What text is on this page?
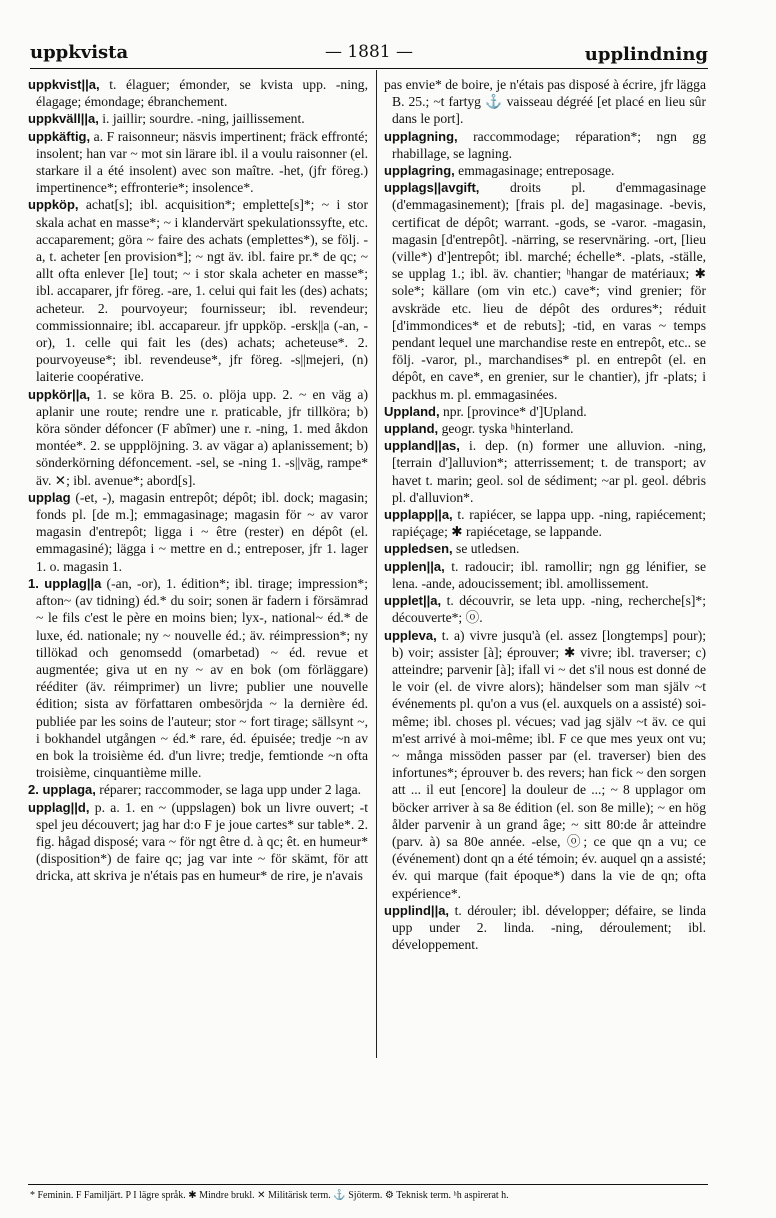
uppkvista	— 1881 —	upplindning
uppkvist||a, t. élaguer; émonder, se kvista upp. -ning, élagage; émondage; ébranchement.
uppkväll||a, i. jaillir; sourdre. -ning, jaillissement.
uppkäftig, a. F raisonneur; näsvis impertinent; fräck effronté; insolent; han var ~ mot sin lärare ibl. il a voulu raisonner (el. starkare il a été insolent) avec son maître. -het, (jfr föreg.) impertinence*; effronterie*; insolence*.
uppköp, achat[s]; ibl. acquisition*; emplette[s]*; ~ i stor skala achat en masse*; ~ i klandervärt spekulationssyfte, etc. accaparement; göra ~ faire des achats (emplettes*), se följ. -a, t. acheter [en provision*]; ~ ngt äv. ibl. faire pr.* de qc; ~ allt ofta enlever [le] tout; ~ i stor skala acheter en masse*; ibl. accaparer, jfr föreg. -are, 1. celui qui fait les (des) achats; acheteur. 2. pourvoyeur; fournisseur; ibl. revendeur; commissionnaire; ibl. accapareur. jfr uppköp. -ersk||a (-an, -or), 1. celle qui fait les (des) achats; acheteuse*. 2. pourvoyeuse*; ibl. revendeuse*, jfr föreg. -s||mejeri, (n) laiterie coopérative.
uppkör||a, 1. se köra B. 25. o. plöja upp. 2. ~ en väg a) aplanir une route; rendre une r. praticable, jfr tillköra; b) köra sönder défoncer (F abîmer) une r. -ning, 1. med åkdon montée*. 2. se uppplöjning. 3. av vägar a) aplanissement; b) sönderkörning défoncement. -sel, se -ning 1. -s||väg, rampe* äv. ✕; ibl. avenue*; abord[s].
upplag (-et, -), magasin entrepôt; dépôt; ibl. dock; magasin; fonds pl. [de m.]; emmagasinage; magasin för ~ av varor magasin d'entrepôt; ligga i ~ être (rester) en dépôt (el. emmagasiné); lägga i ~ mettre en d.; entreposer, jfr 1. lager 1. o. magasin 1.
1. upplag||a (-an, -or), 1. édition*; ibl. tirage; impression*; afton~ (av tidning) éd.* du soir; sonen är fadern i försämrad ~ le fils c'est le père en moins bien; lyx-, national~ éd.* de luxe, éd. nationale; ny ~ nouvelle éd.; äv. réimpression*; ny tillökad och genomsedd (omarbetad) ~ éd. revue et augmentée; giva ut en ny ~ av en bok (om förläggare) rééditer (äv. réimprimer) un livre; publier une nouvelle édition; sista av författaren ombesörjda ~ la dernière éd. publiée par les soins de l'auteur; stor ~ fort tirage; sällsynt ~, i bokhandel utgången ~ éd.* rare, éd. épuisée; tredje ~n av en bok la troisième éd. d'un livre; tredje, femtionde ~n ofta troisième, cinquantième mille.
2. upplaga, réparer; raccommoder, se laga upp under 2 laga.
upplag||d, p. a. 1. en ~ (uppslagen) bok un livre ouvert; -t spel jeu découvert; jag har d:o F je joue cartes* sur table*. 2. fig. hågad disposé; vara ~ för ngt être d. à qc; êt. en humeur* (disposition*) de faire qc; jag var inte ~ för skämt, för att dricka, att skriva je n'étais pas en humeur* de rire, je n'avais
pas envie* de boire, je n'étais pas disposé à écrire, jfr lägga B. 25.; ~t fartyg ⚓ vaisseau dégréé [et placé en lieu sûr dans le port].
upplagning, raccommodage; réparation*; ngn gg rhabillage, se lagning.
upplagring, emmagasinage; entreposage.
upplags||avgift, droits pl. d'emmagasinage (d'emmagasinement); [frais pl. de] magasinage. -bevis, certificat de dépôt; warrant. -gods, se -varor. -magasin, magasin [d'entrepôt]. -närring, se reservnäring. -ort, [lieu (ville*) d']entrepôt; ibl. marché; échelle*. -plats, -ställe, se upplag 1.; ibl. äv. chantier; ʰhangar de matériaux; ✱ sole*; källare (om vin etc.) cave*; vind grenier; för avskräde etc. lieu de dépôt des ordures*; réduit [d'immondices* et de rebuts]; -tid, en varas ~ temps pendant lequel une marchandise reste en entrepôt, etc.. se följ. -varor, pl., marchandises* pl. en entrepôt (el. en dépôt, en cave*, en grenier, sur le chantier), jfr -plats; i packhus m. pl. emmagasinées.
Uppland, npr. [province* d']Upland.
uppland, geogr. tyska ʰhinterland.
uppland||as, i. dep. (n) former une alluvion. -ning, [terrain d']alluvion*; atterrissement; t. de transport; av havet t. marin; geol. sol de sédiment; ~ar pl. geol. débris pl. d'alluvion*.
upplapp||a, t. rapiécer, se lappa upp. -ning, rapiécement; rapiéçage; ✱ rapiécetage, se lappande.
uppledsen, se utledsen.
upplen||a, t. radoucir; ibl. ramollir; ngn gg lénifier, se lena. -ande, adoucissement; ibl. amollissement.
upplet||a, t. découvrir, se leta upp. -ning, recherche[s]*; découverte*; ⓞ.
uppleva, t. a) vivre jusqu'à (el. assez [longtemps] pour); b) voir; assister [à]; éprouver; ✱ vivre; ibl. traverser; c) atteindre; parvenir [à]; ifall vi ~ det s'il nous est donné de le voir (el. de vivre alors); händelser som man själv ~t événements pl. qu'on a vus (el. auxquels on a assisté) soi-même; ibl. choses pl. vécues; vad jag själv ~t äv. ce qui m'est arrivé à moi-même; ibl. F ce que mes yeux ont vu; ~ många missöden passer par (el. traverser) bien des infortunes*; éprouver b. des revers; han fick ~ den sorgen att ... il eut [encore] la douleur de ...; ~ 8 upplagor om böcker arriver à sa 8e édition (el. son 8e mille); ~ en hög ålder parvenir à un grand âge; ~ sitt 80:de år atteindre (parv. à) sa 80e année. -else, ⓞ; ce que qn a vu; ce (événement) dont qn a été témoin; év. auquel qn a assisté; év. qui marque (fait époque*) dans la vie de qn; ofta expérience*.
upplind||a, t. dérouler; ibl. développer; défaire, se linda upp under 2. linda. -ning, déroulement; ibl. développement.
* Feminin. F Familjärt. P I lägre språk. ✱ Mindre brukl. ✕ Militärisk term. ⚓ Sjöterm. ⚙ Teknisk term. ʰh aspirerat h.
